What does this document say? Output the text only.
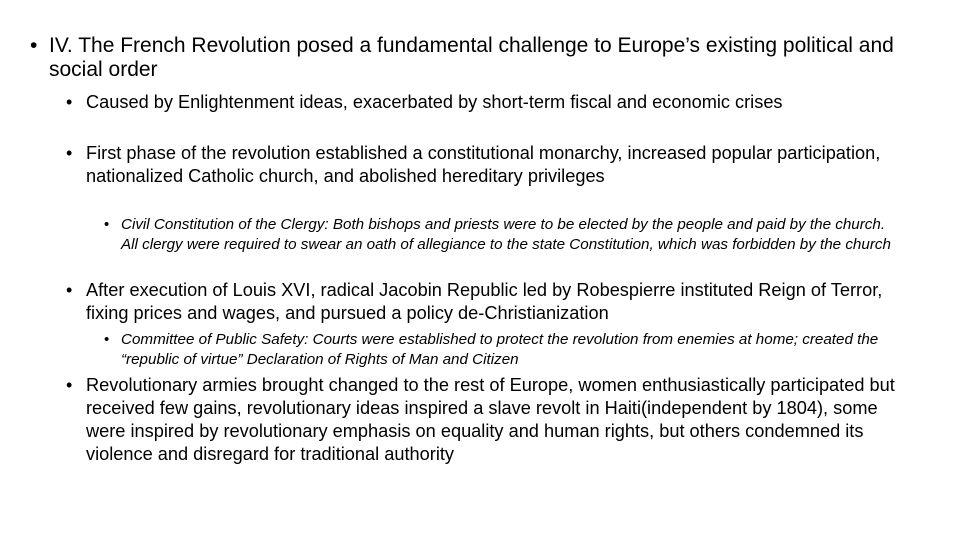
• IV. The French Revolution posed a fundamental challenge to Europe’s existing political and social order
• Caused by Enlightenment ideas, exacerbated by short-term fiscal and economic crises
• First phase of the revolution established a constitutional monarchy, increased popular participation, nationalized Catholic church, and abolished hereditary privileges
• Civil Constitution of the Clergy: Both bishops and priests were to be elected by the people and paid by the church. All clergy were required to swear an oath of allegiance to the state Constitution, which was forbidden by the church
• After execution of Louis XVI, radical Jacobin Republic led by Robespierre instituted Reign of Terror, fixing prices and wages, and pursued a policy de-Christianization
• Committee of Public Safety: Courts were established to protect the revolution from enemies at home; created the “republic of virtue” Declaration of Rights of Man and Citizen
• Revolutionary armies brought changed to the rest of Europe, women enthusiastically participated but received few gains, revolutionary ideas inspired a slave revolt in Haiti(independent by 1804), some were inspired by revolutionary emphasis on equality and human rights, but others condemned its violence and disregard for traditional authority
